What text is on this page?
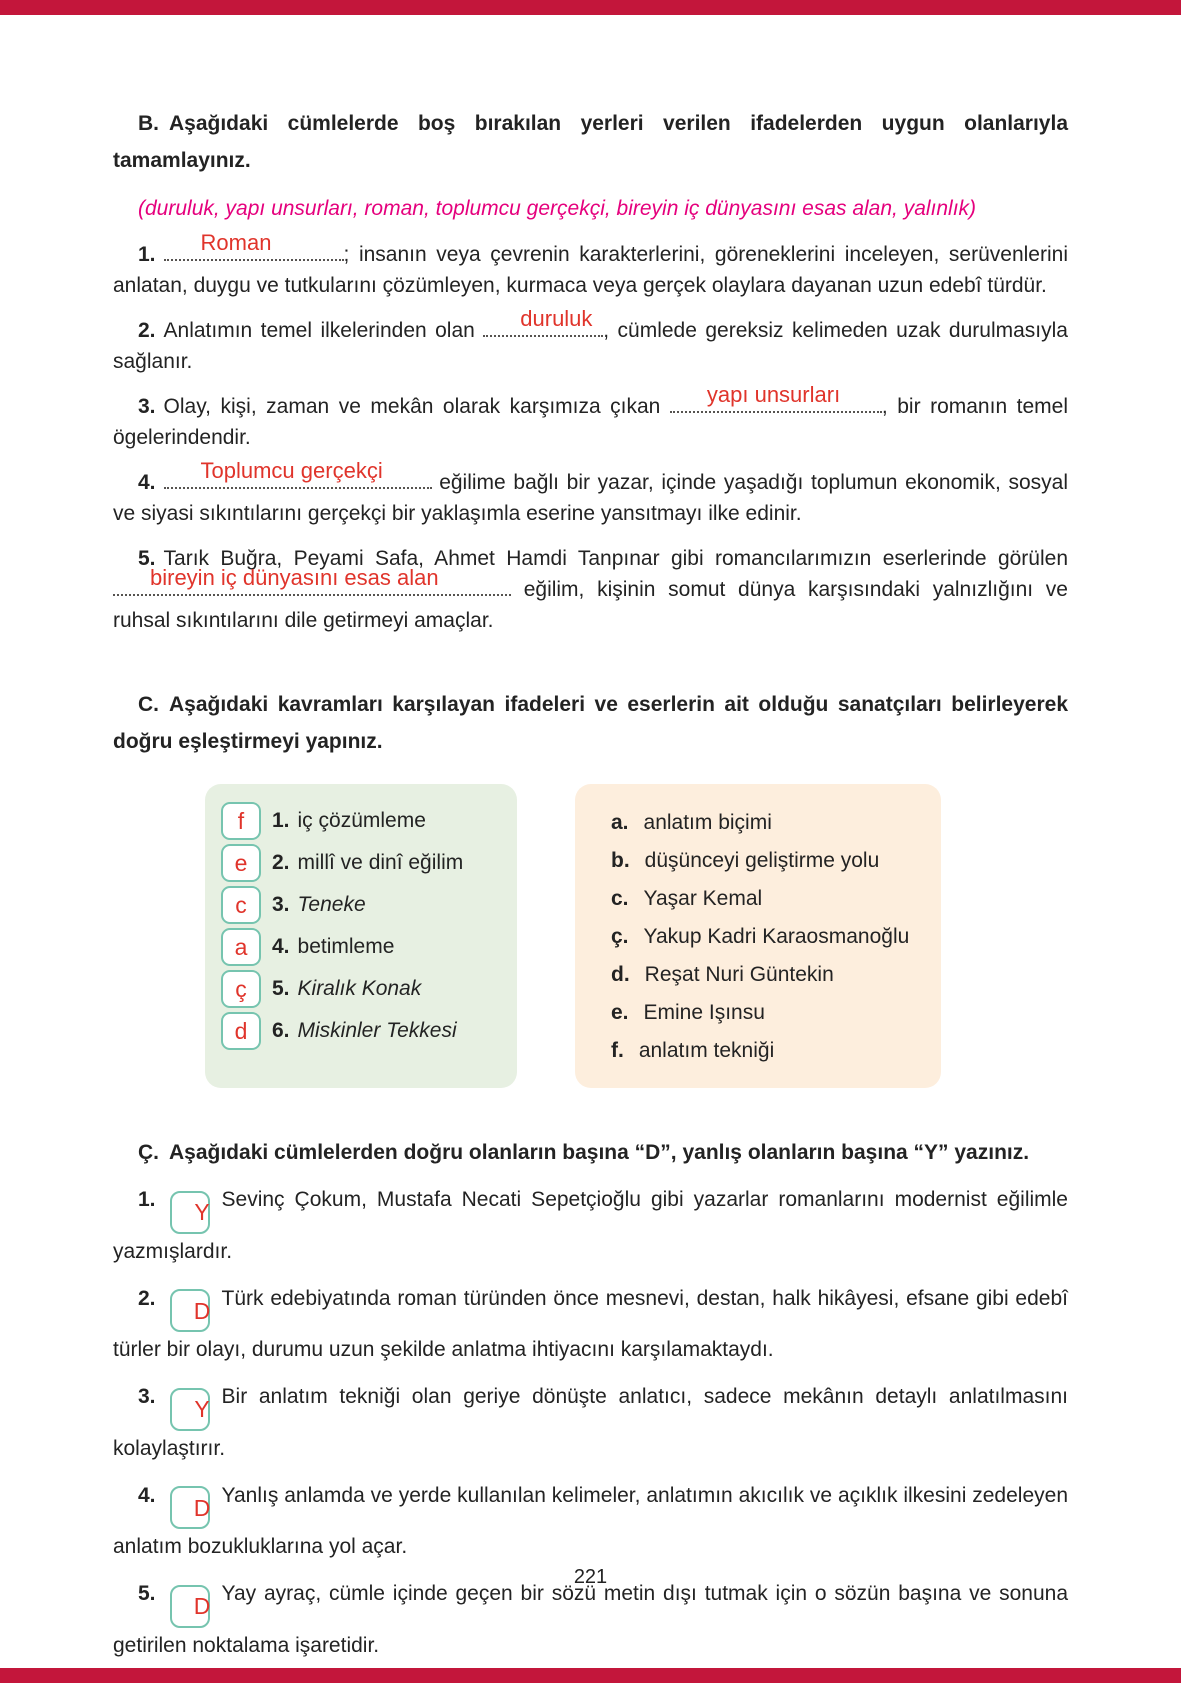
B. Aşağıdaki cümlelerde boş bırakılan yerleri verilen ifadelerden uygun olanlarıyla tamamlayınız.

(duruluk, yapı unsurları, roman, toplumcu gerçekçi, bireyin iç dünyasını esas alan, yalınlık)

1.	Roman	; insanın veya çevrenin karakterlerini, göreneklerini inceleyen, serüvenlerini anlatan, duygu ve tutkularını çözümleyen, kurmaca veya gerçek olaylara dayanan uzun edebî türdür.

2. Anlatımın temel ilkelerinden olan	duruluk , cümlede gereksiz kelimeden uzak durulmasıyla sağlanır.

3. Olay, kişi, zaman ve mekân olarak karşımıza çıkan	yapı unsurları , bir romanın temel ögelerindendir.

4.	Toplumcu gerçekçi eğilime bağlı bir yazar, içinde yaşadığı toplumun ekonomik, sosyal ve siyasi sıkıntılarını gerçekçi bir yaklaşımla eserine yansıtmayı ilke edinir.

5. Tarık Buğra, Peyami Safa, Ahmet Hamdi Tanpınar gibi romancılarımızın eserlerinde görülen
bireyin iç dünyasını esas alan	eğilim, kişinin somut dünya karşısındaki yalnızlığını ve ruhsal sıkıntılarını dile getirmeyi amaçlar.

C. Aşağıdaki kavramları karşılayan ifadeleri ve eserlerin ait olduğu sanatçıları belirleyerek doğru eşleştirmeyi yapınız.

f	1. iç çözümleme
e	2. millî ve dinî eğilim
c	3. Teneke
a	4. betimleme
ç	5. Kiralık Konak
d	6. Miskinler Tekkesi
a. anlatım biçimi
b. düşünceyi geliştirme yolu
c. Yaşar Kemal
ç. Yakup Kadri Karaosmanoğlu
d. Reşat Nuri Güntekin
e. Emine Işınsu
f. anlatım tekniği

Ç. Aşağıdaki cümlelerden doğru olanların başına “D”, yanlış olanların başına “Y” yazınız.

1. Y Sevinç Çokum, Mustafa Necati Sepetçioğlu gibi yazarlar romanlarını modernist eğilimle yazmışlardır.

2. D Türk edebiyatında roman türünden önce mesnevi, destan, halk hikâyesi, efsane gibi edebî türler bir olayı, durumu uzun şekilde anlatma ihtiyacını karşılamaktaydı.

3. Y Bir anlatım tekniği olan geriye dönüşte anlatıcı, sadece mekânın detaylı anlatılmasını kolaylaştırır.

4. D Yanlış anlamda ve yerde kullanılan kelimeler, anlatımın akıcılık ve açıklık ilkesini zedeleyen anlatım bozukluklarına yol açar.

5. D Yay ayraç, cümle içinde geçen bir sözü metin dışı tutmak için o sözün başına ve sonuna getirilen noktalama işaretidir.

221
